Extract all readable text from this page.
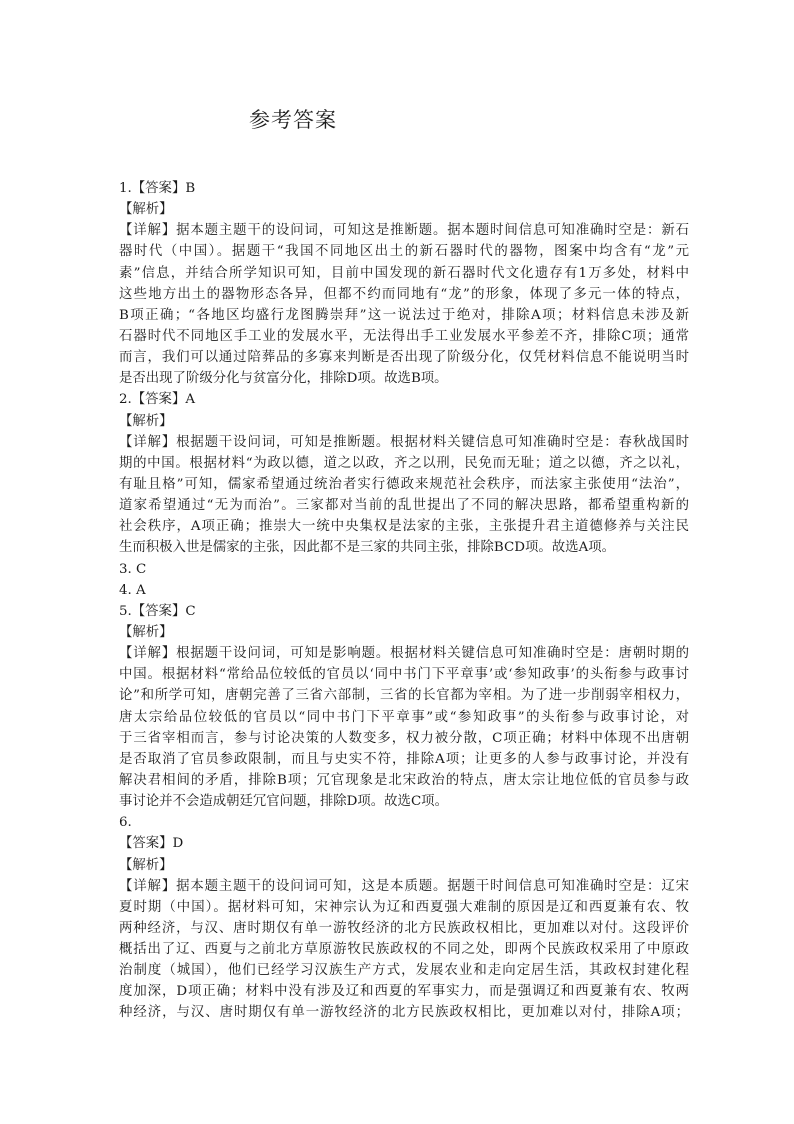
参考答案
1.【答案】B
【解析】
【详解】据本题主题干的设问词，可知这是推断题。据本题时间信息可知准确时空是：新石
器时代（中国）。据题干“我国不同地区出土的新石器时代的器物，图案中均含有“龙”元
素”信息，并结合所学知识可知，目前中国发现的新石器时代文化遗存有1万多处，材料中
这些地方出土的器物形态各异，但都不约而同地有“龙”的形象，体现了多元一体的特点，
B项正确；“各地区均盛行龙图腾崇拜”这一说法过于绝对，排除A项；材料信息未涉及新
石器时代不同地区手工业的发展水平，无法得出手工业发展水平参差不齐，排除C项；通常
而言，我们可以通过陪葬品的多寡来判断是否出现了阶级分化，仅凭材料信息不能说明当时
是否出现了阶级分化与贫富分化，排除D项。故选B项。
2.【答案】A
【解析】
【详解】根据题干设问词，可知是推断题。根据材料关键信息可知准确时空是：春秋战国时
期的中国。根据材料“为政以德，道之以政，齐之以刑，民免而无耻；道之以德，齐之以礼，
有耻且格”可知，儒家希望通过统治者实行德政来规范社会秩序，而法家主张使用“法治”，
道家希望通过“无为而治”。三家都对当前的乱世提出了不同的解决思路，都希望重构新的
社会秩序，A项正确；推崇大一统中央集权是法家的主张，主张提升君主道德修养与关注民
生而积极入世是儒家的主张，因此都不是三家的共同主张，排除BCD项。故选A项。
3. C
4. A
5.【答案】C
【解析】
【详解】根据题干设问词，可知是影响题。根据材料关键信息可知准确时空是：唐朝时期的
中国。根据材料“常给品位较低的官员以‘同中书门下平章事’或‘参知政事’的头衔参与政事讨
论”和所学可知，唐朝完善了三省六部制，三省的长官都为宰相。为了进一步削弱宰相权力，
唐太宗给品位较低的官员以“同中书门下平章事”或“参知政事”的头衔参与政事讨论，对
于三省宰相而言，参与讨论决策的人数变多，权力被分散，C项正确；材料中体现不出唐朝
是否取消了官员参政限制，而且与史实不符，排除A项；让更多的人参与政事讨论，并没有
解决君相间的矛盾，排除B项；冗官现象是北宋政治的特点，唐太宗让地位低的官员参与政
事讨论并不会造成朝廷冗官问题，排除D项。故选C项。
6.
【答案】D
【解析】
【详解】据本题主题干的设问词可知，这是本质题。据题干时间信息可知准确时空是：辽宋
夏时期（中国）。据材料可知，宋神宗认为辽和西夏强大难制的原因是辽和西夏兼有农、牧
两种经济，与汉、唐时期仅有单一游牧经济的北方民族政权相比，更加难以对付。这段评价
概括出了辽、西夏与之前北方草原游牧民族政权的不同之处，即两个民族政权采用了中原政
治制度（城国），他们已经学习汉族生产方式，发展农业和走向定居生活，其政权封建化程
度加深，D项正确；材料中没有涉及辽和西夏的军事实力，而是强调辽和西夏兼有农、牧两
种经济，与汉、唐时期仅有单一游牧经济的北方民族政权相比，更加难以对付，排除A项；
